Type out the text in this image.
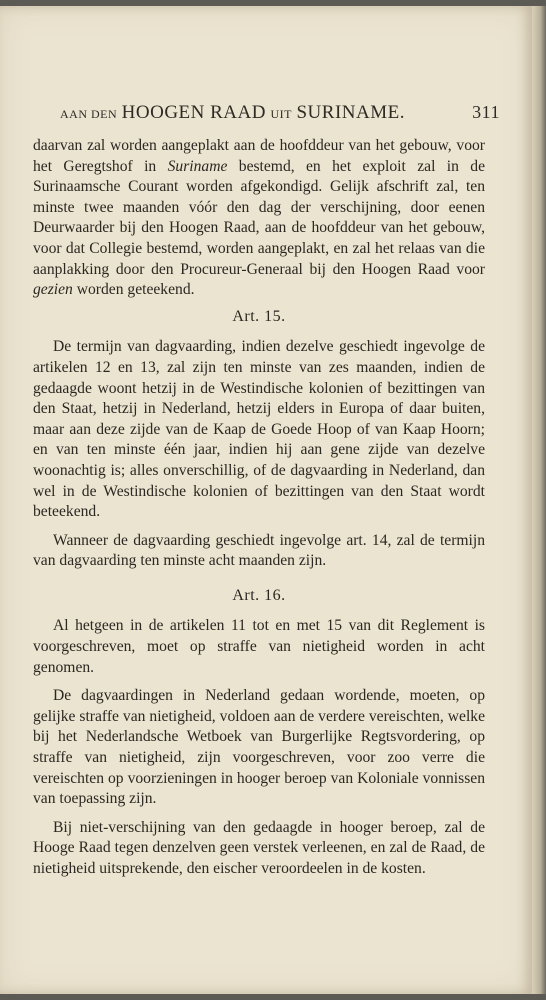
AAN DEN HOOGEN RAAD UIT SURINAME.	311

daarvan zal worden aangeplakt aan de hoofddeur van het gebouw, voor het Geregtshof in Suriname bestemd, en het exploit zal in de Surinaamsche Courant worden afgekondigd. Gelijk afschrift zal, ten minste twee maanden vóór den dag der verschijning, door eenen Deurwaarder bij den Hoogen Raad, aan de hoofddeur van het gebouw, voor dat Collegie bestemd, worden aangeplakt, en zal het relaas van die aanplakking door den Procureur-Generaal bij den Hoogen Raad voor gezien worden geteekend.

Art. 15.

De termijn van dagvaarding, indien dezelve geschiedt ingevolge de artikelen 12 en 13, zal zijn ten minste van zes maanden, indien de gedaagde woont hetzij in de Westindische kolonien of bezittingen van den Staat, hetzij in Nederland, hetzij elders in Europa of daar buiten, maar aan deze zijde van de Kaap de Goede Hoop of van Kaap Hoorn; en van ten minste één jaar, indien hij aan gene zijde van dezelve woonachtig is; alles onverschillig, of de dagvaarding in Nederland, dan wel in de Westindische kolonien of bezittingen van den Staat wordt beteekend.

Wanneer de dagvaarding geschiedt ingevolge art. 14, zal de termijn van dagvaarding ten minste acht maanden zijn.

Art. 16.

Al hetgeen in de artikelen 11 tot en met 15 van dit Reglement is voorgeschreven, moet op straffe van nietigheid worden in acht genomen.

De dagvaardingen in Nederland gedaan wordende, moeten, op gelijke straffe van nietigheid, voldoen aan de verdere vereischten, welke bij het Nederlandsche Wetboek van Burgerlijke Regtsvordering, op straffe van nietigheid, zijn voorgeschreven, voor zoo verre die vereischten op voorzieningen in hooger beroep van Koloniale vonnissen van toepassing zijn.

Bij niet-verschijning van den gedaagde in hooger beroep, zal de Hooge Raad tegen denzelven geen verstek verleenen, en zal de Raad, de nietigheid uitsprekende, den eischer veroordeelen in de kosten.
